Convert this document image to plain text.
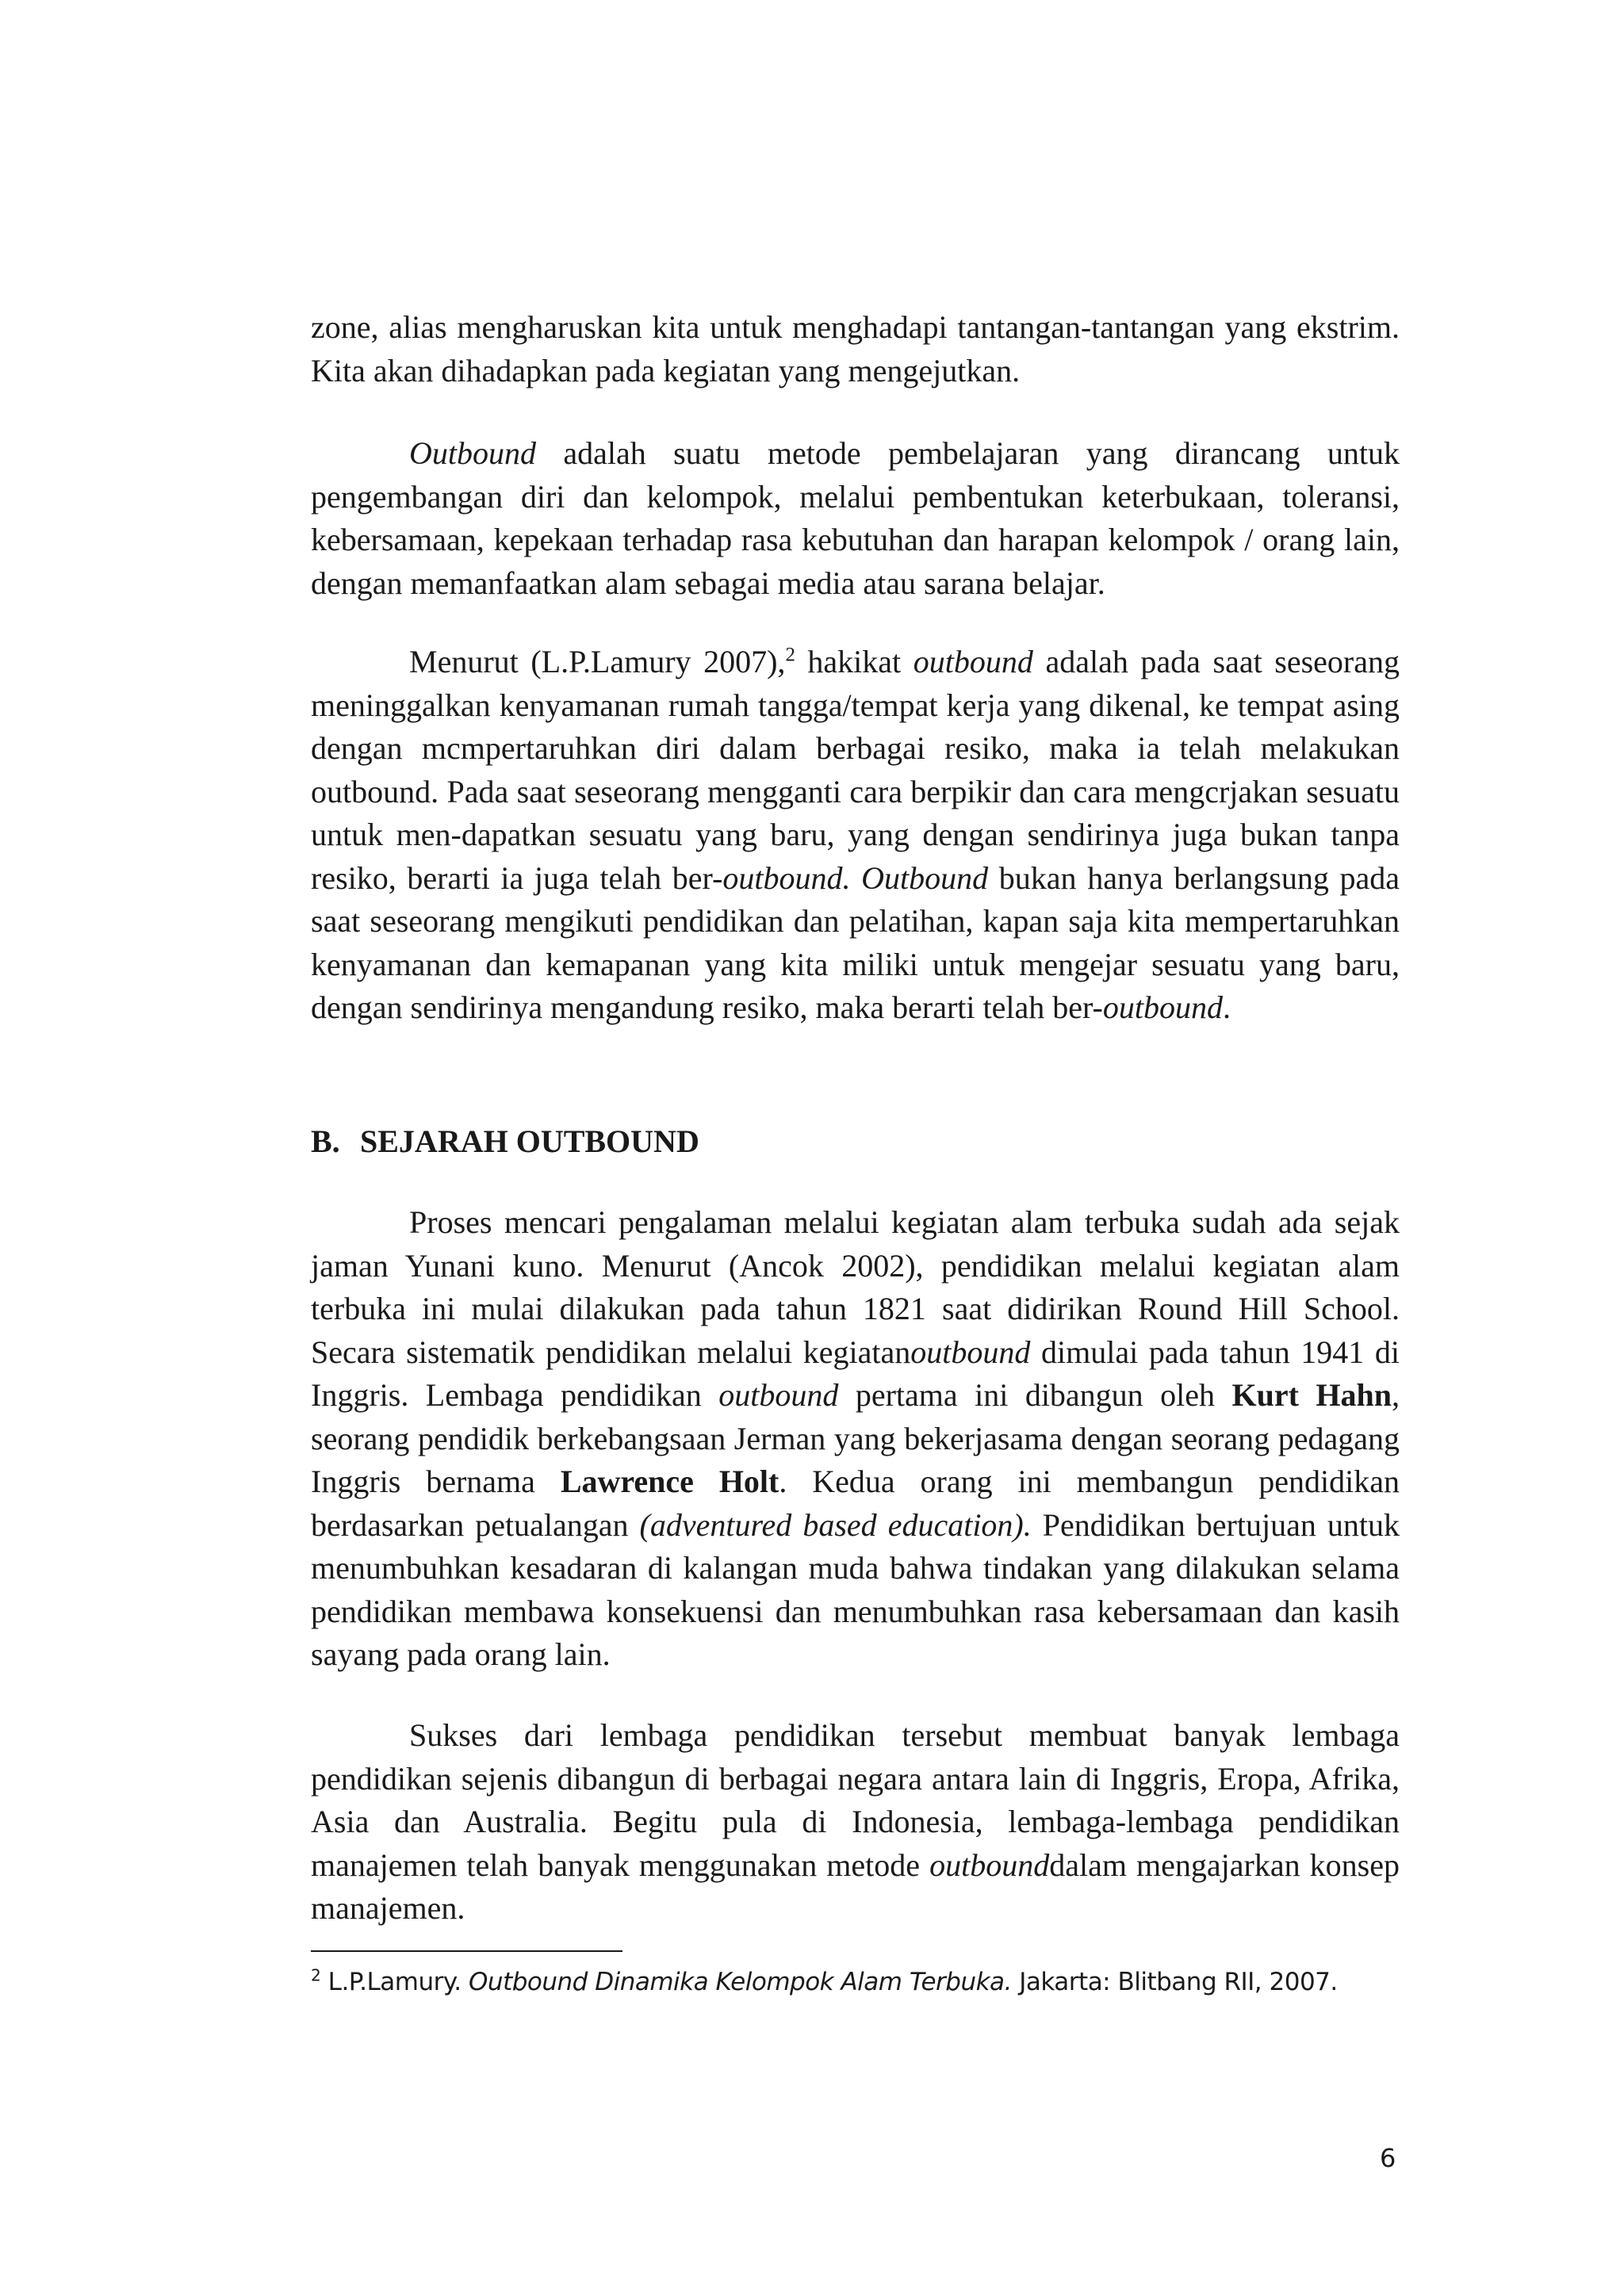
zone, alias mengharuskan kita untuk menghadapi tantangan-tantangan yang ekstrim. Kita akan dihadapkan pada kegiatan yang mengejutkan.

Outbound adalah suatu metode pembelajaran yang dirancang untuk pengembangan diri dan kelompok, melalui pembentukan keterbukaan, toleransi, kebersamaan, kepekaan terhadap rasa kebutuhan dan harapan kelompok / orang lain, dengan memanfaatkan alam sebagai media atau sarana belajar.

Menurut (L.P.Lamury 2007),$^2$ hakikat outbound adalah pada saat seseorang meninggalkan kenyamanan rumah tangga/tempat kerja yang dikenal, ke tempat asing dengan mcmpertaruhkan diri dalam berbagai resiko, maka ia telah melakukan outbound. Pada saat seseorang mengganti cara berpikir dan cara mengcrjakan sesuatu untuk men-dapatkan sesuatu yang baru, yang dengan sendirinya juga bukan tanpa resiko, berarti ia juga telah ber-outbound. Outbound bukan hanya berlangsung pada saat seseorang mengikuti pendidikan dan pelatihan, kapan saja kita mempertaruhkan kenyamanan dan kemapanan yang kita miliki untuk mengejar sesuatu yang baru, dengan sendirinya mengandung resiko, maka berarti telah ber-outbound.

B. SEJARAH OUTBOUND

Proses mencari pengalaman melalui kegiatan alam terbuka sudah ada sejak jaman Yunani kuno. Menurut (Ancok 2002), pendidikan melalui kegiatan alam terbuka ini mulai dilakukan pada tahun 1821 saat didirikan Round Hill School. Secara sistematik pendidikan melalui kegiatanoutbound dimulai pada tahun 1941 di Inggris. Lembaga pendidikan outbound pertama ini dibangun oleh Kurt Hahn, seorang pendidik berkebangsaan Jerman yang bekerjasama dengan seorang pedagang Inggris bernama Lawrence Holt. Kedua orang ini membangun pendidikan berdasarkan petualangan (adventured based education). Pendidikan bertujuan untuk menumbuhkan kesadaran di kalangan muda bahwa tindakan yang dilakukan selama pendidikan membawa konsekuensi dan menumbuhkan rasa kebersamaan dan kasih sayang pada orang lain.

Sukses dari lembaga pendidikan tersebut membuat banyak lembaga pendidikan sejenis dibangun di berbagai negara antara lain di Inggris, Eropa, Afrika, Asia dan Australia. Begitu pula di Indonesia, lembaga-lembaga pendidikan manajemen telah banyak menggunakan metode outbounddalam mengajarkan konsep manajemen.

$^2$ L.P.Lamury. Outbound Dinamika Kelompok Alam Terbuka. Jakarta: Blitbang RII, 2007.
6
